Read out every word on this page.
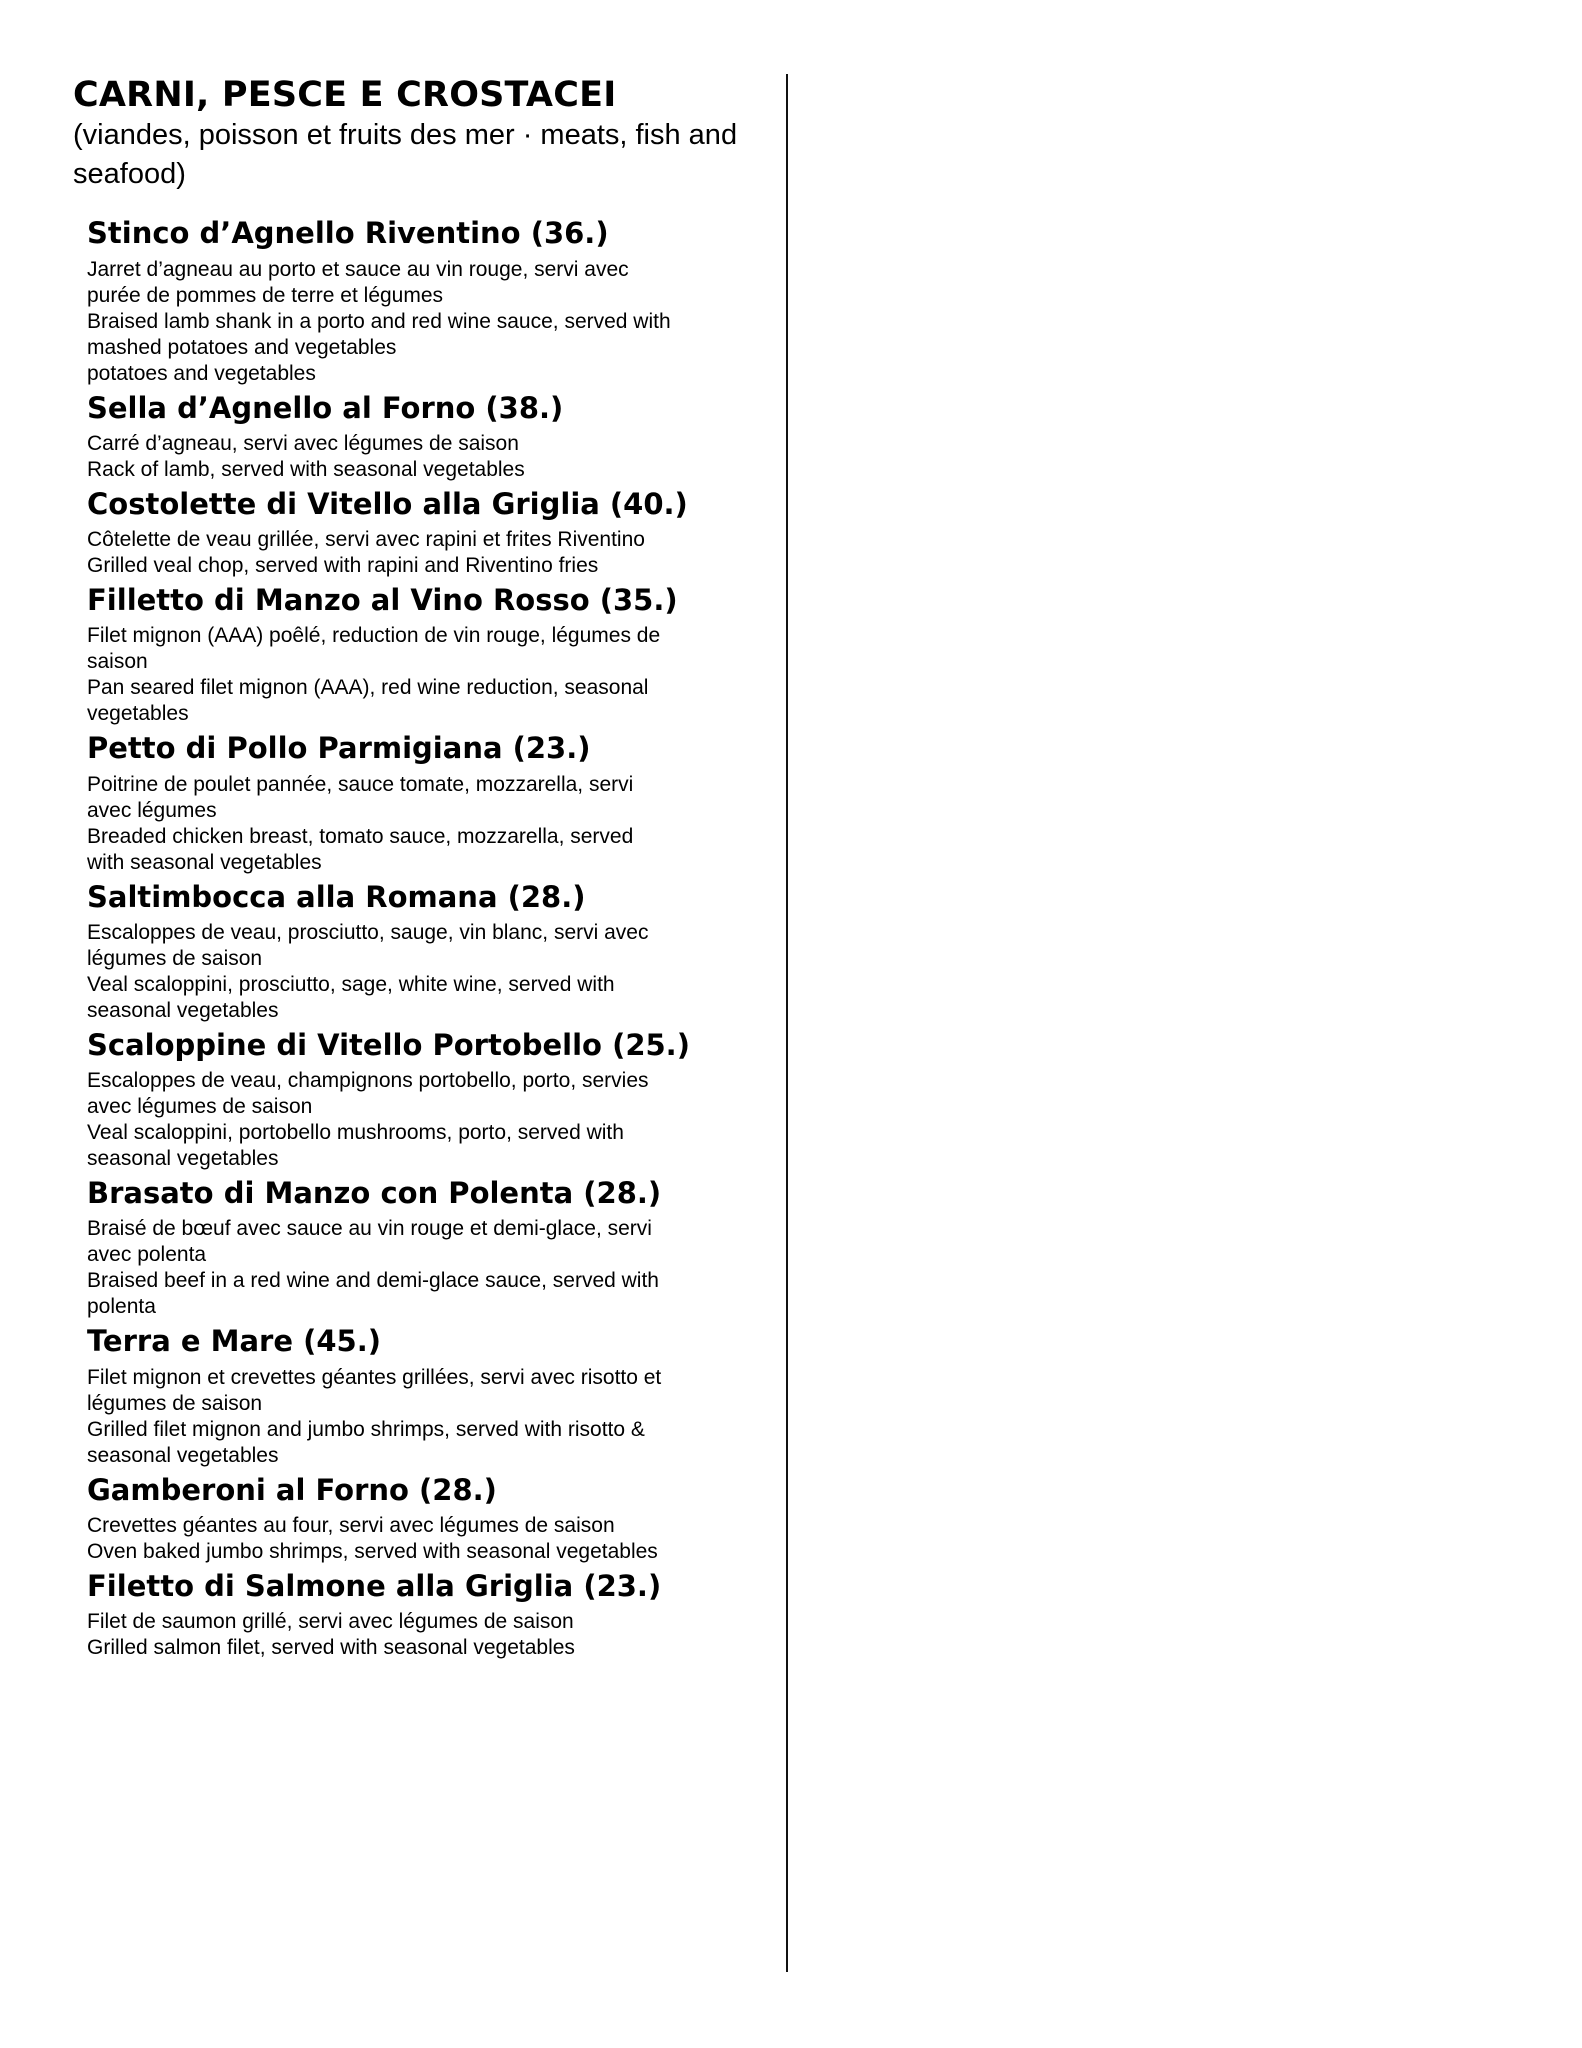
CARNI, PESCE E CROSTACEI

(viandes, poisson et fruits des mer · meats, fish and seafood)

Stinco d’Agnello Riventino (36.)
Jarret d’agneau au porto et sauce au vin rouge, servi avec
purée de pommes de terre et légumes
Braised lamb shank in a porto and red wine sauce, served with
mashed potatoes and vegetables
potatoes and vegetables
Sella d’Agnello al Forno (38.)
Carré d’agneau, servi avec légumes de saison
Rack of lamb, served with seasonal vegetables
Costolette di Vitello alla Griglia (40.)
Côtelette de veau grillée, servi avec rapini et frites Riventino
Grilled veal chop, served with rapini and Riventino fries
Filletto di Manzo al Vino Rosso (35.)
Filet mignon (AAA) poêlé, reduction de vin rouge, légumes de
saison
Pan seared filet mignon (AAA), red wine reduction, seasonal
vegetables
Petto di Pollo Parmigiana (23.)
Poitrine de poulet pannée, sauce tomate, mozzarella, servi
avec légumes
Breaded chicken breast, tomato sauce, mozzarella, served
with seasonal vegetables
Saltimbocca alla Romana (28.)
Escaloppes de veau, prosciutto, sauge, vin blanc, servi avec
légumes de saison
Veal scaloppini, prosciutto, sage, white wine, served with
seasonal vegetables
Scaloppine di Vitello Portobello (25.)
Escaloppes de veau, champignons portobello, porto, servies
avec légumes de saison
Veal scaloppini, portobello mushrooms, porto, served with
seasonal vegetables
Brasato di Manzo con Polenta (28.)
Braisé de bœuf avec sauce au vin rouge et demi-glace, servi
avec polenta
Braised beef in a red wine and demi-glace sauce, served with
polenta
Terra e Mare (45.)
Filet mignon et crevettes géantes grillées, servi avec risotto et
légumes de saison
Grilled filet mignon and jumbo shrimps, served with risotto &
seasonal vegetables
Gamberoni al Forno (28.)
Crevettes géantes au four, servi avec légumes de saison
Oven baked jumbo shrimps, served with seasonal vegetables
Filetto di Salmone alla Griglia (23.)
Filet de saumon grillé, servi avec légumes de saison
Grilled salmon filet, served with seasonal vegetables
